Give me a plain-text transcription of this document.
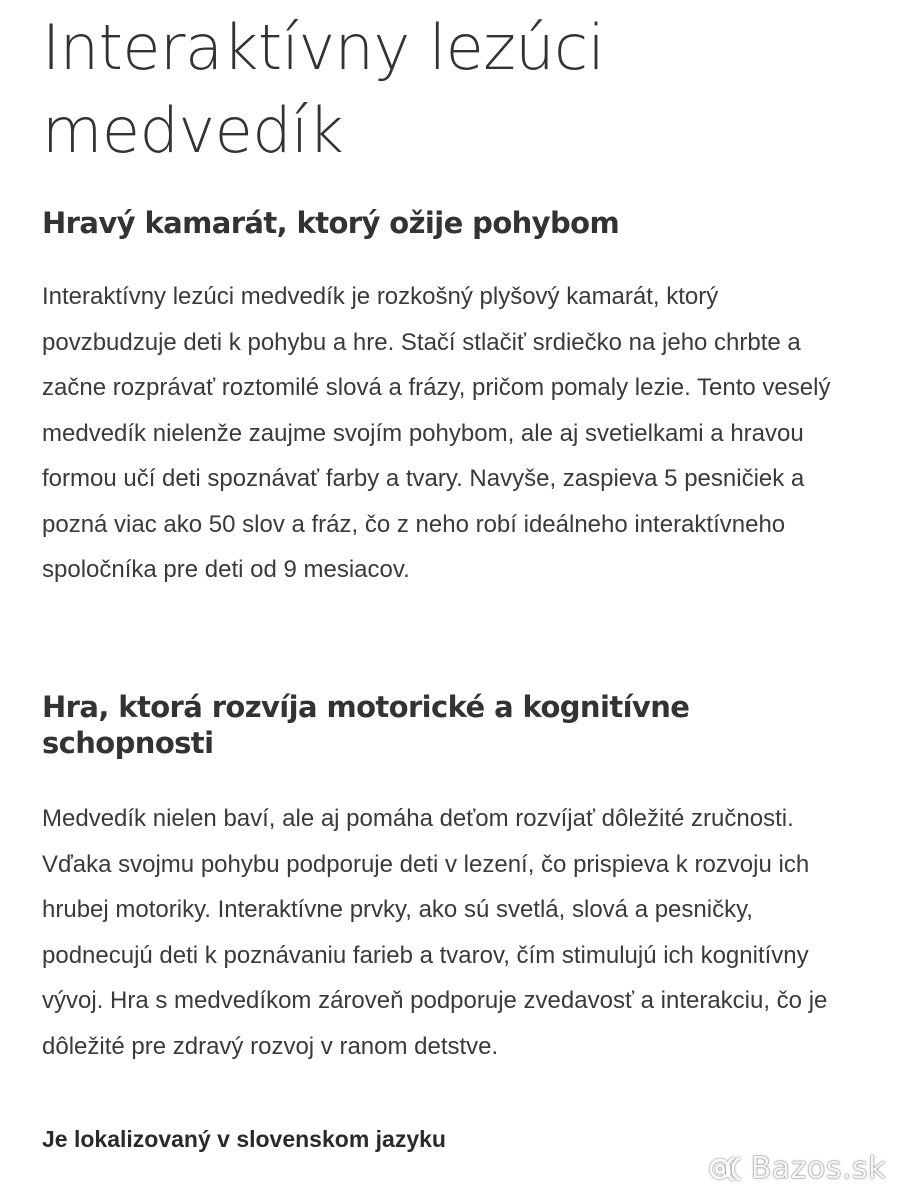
Interaktívny lezúci medvedík
Hravý kamarát, ktorý ožije pohybom

Interaktívny lezúci medvedík je rozkošný plyšový kamarát, ktorý povzbudzuje deti k pohybu a hre. Stačí stlačiť srdiečko na jeho chrbte a začne rozprávať roztomilé slová a frázy, pričom pomaly lezie. Tento veselý medvedík nielenže zaujme svojím pohybom, ale aj svetielkami a hravou formou učí deti spoznávať farby a tvary. Navyše, zaspieva 5 pesničiek a pozná viac ako 50 slov a fráz, čo z neho robí ideálneho interaktívneho spoločníka pre deti od 9 mesiacov.

Hra, ktorá rozvíja motorické a kognitívne schopnosti

Medvedík nielen baví, ale aj pomáha deťom rozvíjať dôležité zručnosti. Vďaka svojmu pohybu podporuje deti v lezení, čo prispieva k rozvoju ich hrubej motoriky. Interaktívne prvky, ako sú svetlá, slová a pesničky, podnecujú deti k poznávaniu farieb a tvarov, čím stimulujú ich kognitívny vývoj. Hra s medvedíkom zároveň podporuje zvedavosť a interakciu, čo je dôležité pre zdravý rozvoj v ranom detstve.

Je lokalizovaný v slovenskom jazyku
Bazos.sk
